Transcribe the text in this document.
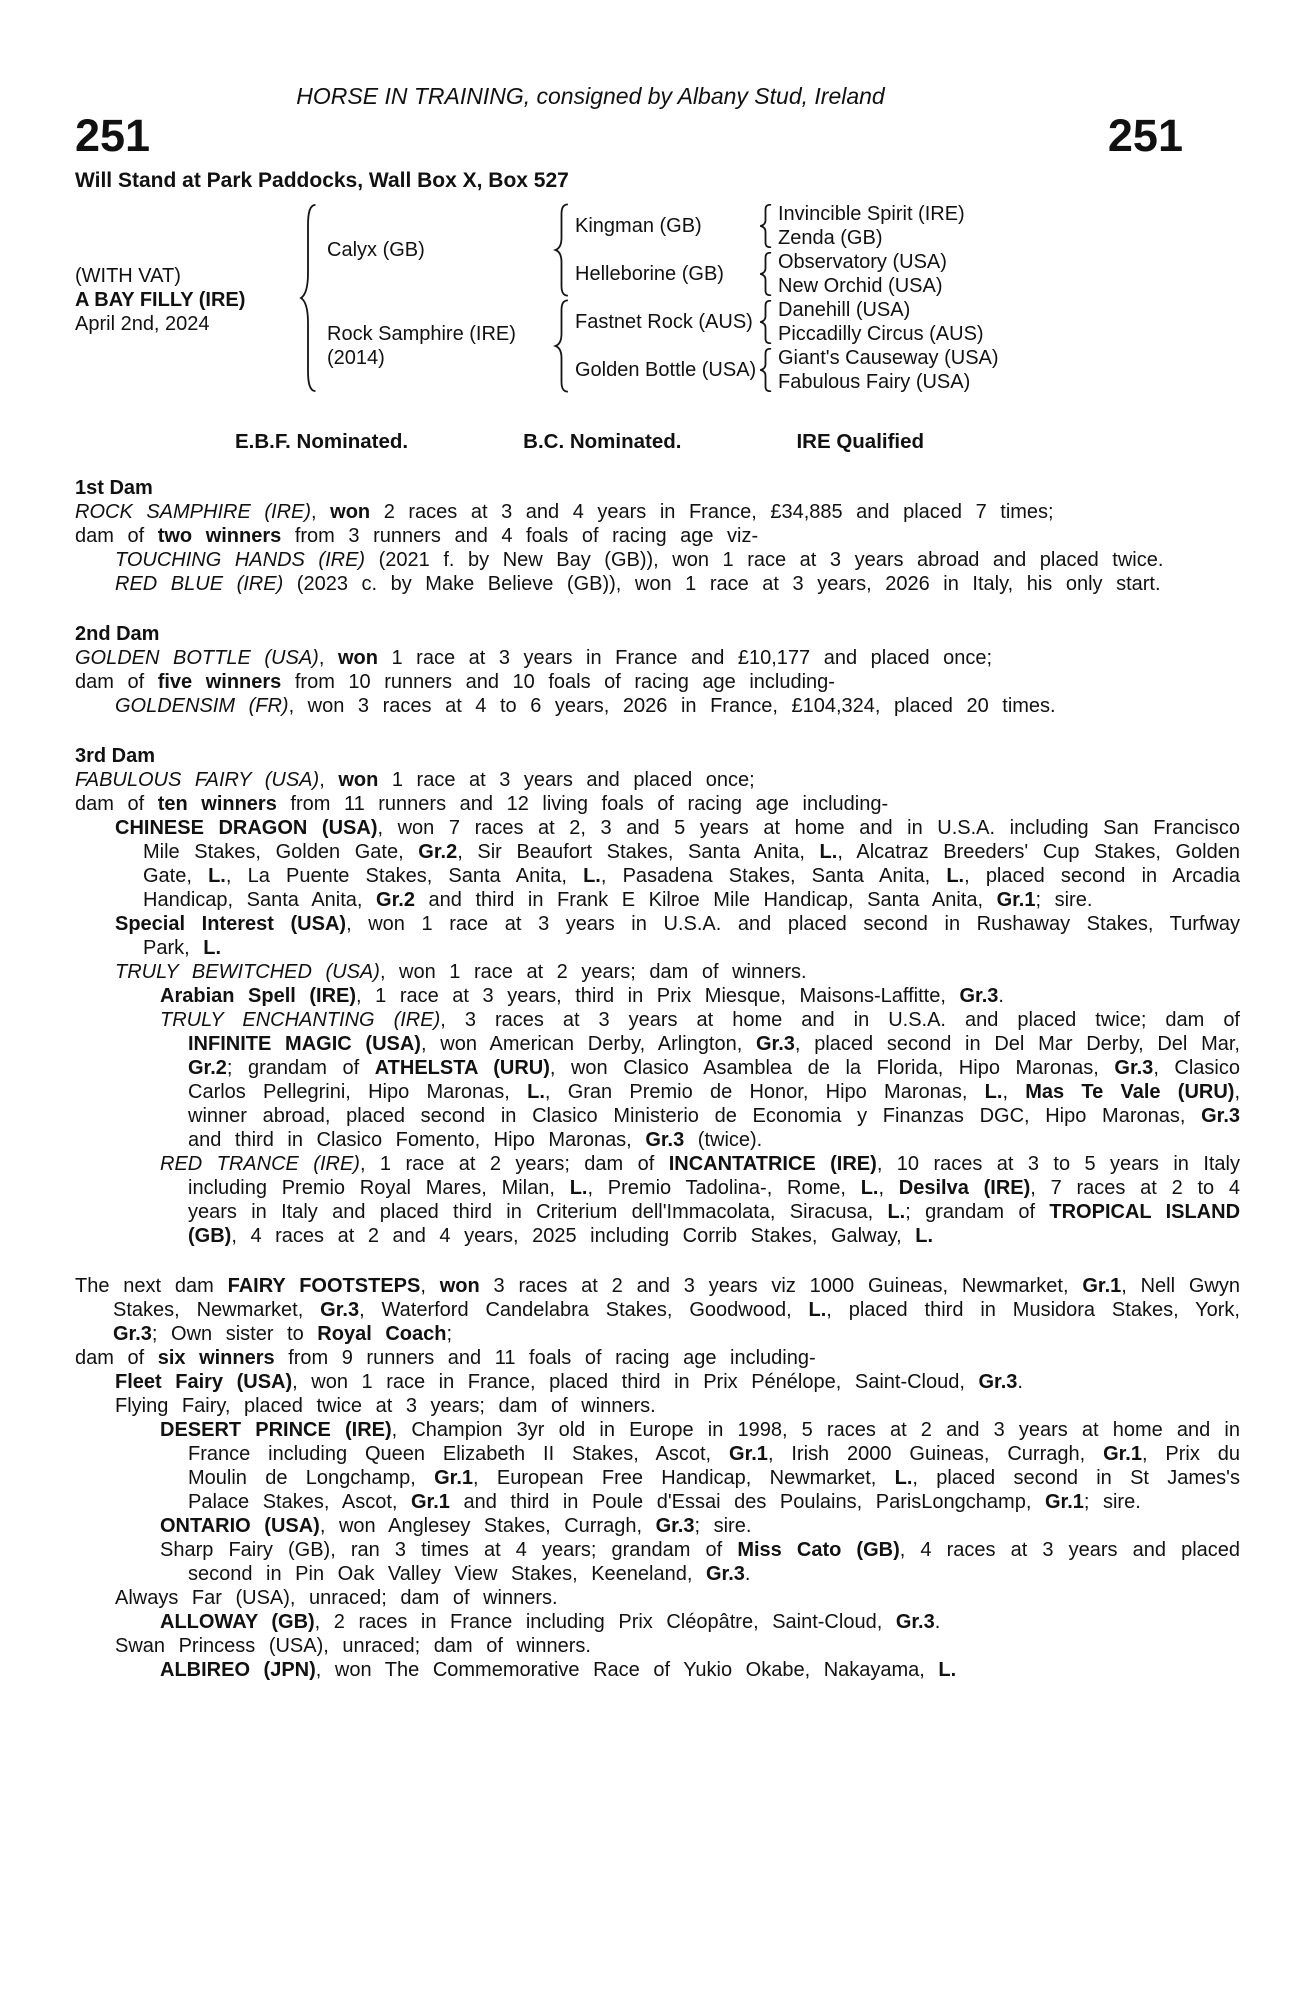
HORSE IN TRAINING, consigned by Albany Stud, Ireland
251	251
Will Stand at Park Paddocks, Wall Box X, Box 527
(WITH VAT)
A BAY FILLY (IRE)
April 2nd, 2024
Calyx (GB)
Rock Samphire (IRE)
(2014)
Kingman (GB)
Helleborine (GB)
Fastnet Rock (AUS)
Golden Bottle (USA)
Invincible Spirit (IRE)
Zenda (GB)
Observatory (USA)
New Orchid (USA)
Danehill (USA)
Piccadilly Circus (AUS)
Giant's Causeway (USA)
Fabulous Fairy (USA)
E.B.F. Nominated.	B.C. Nominated.	IRE Qualified
1st Dam

ROCK SAMPHIRE (IRE), won 2 races at 3 and 4 years in France, £34,885 and placed 7 times;

dam of two winners from 3 runners and 4 foals of racing age viz-

TOUCHING HANDS (IRE) (2021 f. by New Bay (GB)), won 1 race at 3 years abroad and placed twice.

RED BLUE (IRE) (2023 c. by Make Believe (GB)), won 1 race at 3 years, 2026 in Italy, his only start.

2nd Dam

GOLDEN BOTTLE (USA), won 1 race at 3 years in France and £10,177 and placed once;

dam of five winners from 10 runners and 10 foals of racing age including-

GOLDENSIM (FR), won 3 races at 4 to 6 years, 2026 in France, £104,324, placed 20 times.

3rd Dam

FABULOUS FAIRY (USA), won 1 race at 3 years and placed once;

dam of ten winners from 11 runners and 12 living foals of racing age including-

CHINESE DRAGON (USA), won 7 races at 2, 3 and 5 years at home and in U.S.A. including San Francisco Mile Stakes, Golden Gate, Gr.2, Sir Beaufort Stakes, Santa Anita, L., Alcatraz Breeders' Cup Stakes, Golden Gate, L., La Puente Stakes, Santa Anita, L., Pasadena Stakes, Santa Anita, L., placed second in Arcadia Handicap, Santa Anita, Gr.2 and third in Frank E Kilroe Mile Handicap, Santa Anita, Gr.1; sire.

Special Interest (USA), won 1 race at 3 years in U.S.A. and placed second in Rushaway Stakes, Turfway Park, L.

TRULY BEWITCHED (USA), won 1 race at 2 years; dam of winners.

Arabian Spell (IRE), 1 race at 3 years, third in Prix Miesque, Maisons-Laffitte, Gr.3.

TRULY ENCHANTING (IRE), 3 races at 3 years at home and in U.S.A. and placed twice; dam of INFINITE MAGIC (USA), won American Derby, Arlington, Gr.3, placed second in Del Mar Derby, Del Mar, Gr.2; grandam of ATHELSTA (URU), won Clasico Asamblea de la Florida, Hipo Maronas, Gr.3, Clasico Carlos Pellegrini, Hipo Maronas, L., Gran Premio de Honor, Hipo Maronas, L., Mas Te Vale (URU), winner abroad, placed second in Clasico Ministerio de Economia y Finanzas DGC, Hipo Maronas, Gr.3 and third in Clasico Fomento, Hipo Maronas, Gr.3 (twice).

RED TRANCE (IRE), 1 race at 2 years; dam of INCANTATRICE (IRE), 10 races at 3 to 5 years in Italy including Premio Royal Mares, Milan, L., Premio Tadolina-, Rome, L., Desilva (IRE), 7 races at 2 to 4 years in Italy and placed third in Criterium dell'Immacolata, Siracusa, L.; grandam of TROPICAL ISLAND (GB), 4 races at 2 and 4 years, 2025 including Corrib Stakes, Galway, L.

The next dam FAIRY FOOTSTEPS, won 3 races at 2 and 3 years viz 1000 Guineas, Newmarket, Gr.1, Nell Gwyn Stakes, Newmarket, Gr.3, Waterford Candelabra Stakes, Goodwood, L., placed third in Musidora Stakes, York, Gr.3; Own sister to Royal Coach;

dam of six winners from 9 runners and 11 foals of racing age including-

Fleet Fairy (USA), won 1 race in France, placed third in Prix Pénélope, Saint-Cloud, Gr.3.

Flying Fairy, placed twice at 3 years; dam of winners.

DESERT PRINCE (IRE), Champion 3yr old in Europe in 1998, 5 races at 2 and 3 years at home and in France including Queen Elizabeth II Stakes, Ascot, Gr.1, Irish 2000 Guineas, Curragh, Gr.1, Prix du Moulin de Longchamp, Gr.1, European Free Handicap, Newmarket, L., placed second in St James's Palace Stakes, Ascot, Gr.1 and third in Poule d'Essai des Poulains, ParisLongchamp, Gr.1; sire.

ONTARIO (USA), won Anglesey Stakes, Curragh, Gr.3; sire.

Sharp Fairy (GB), ran 3 times at 4 years; grandam of Miss Cato (GB), 4 races at 3 years and placed second in Pin Oak Valley View Stakes, Keeneland, Gr.3.

Always Far (USA), unraced; dam of winners.

ALLOWAY (GB), 2 races in France including Prix Cléopâtre, Saint-Cloud, Gr.3.

Swan Princess (USA), unraced; dam of winners.

ALBIREO (JPN), won The Commemorative Race of Yukio Okabe, Nakayama, L.
